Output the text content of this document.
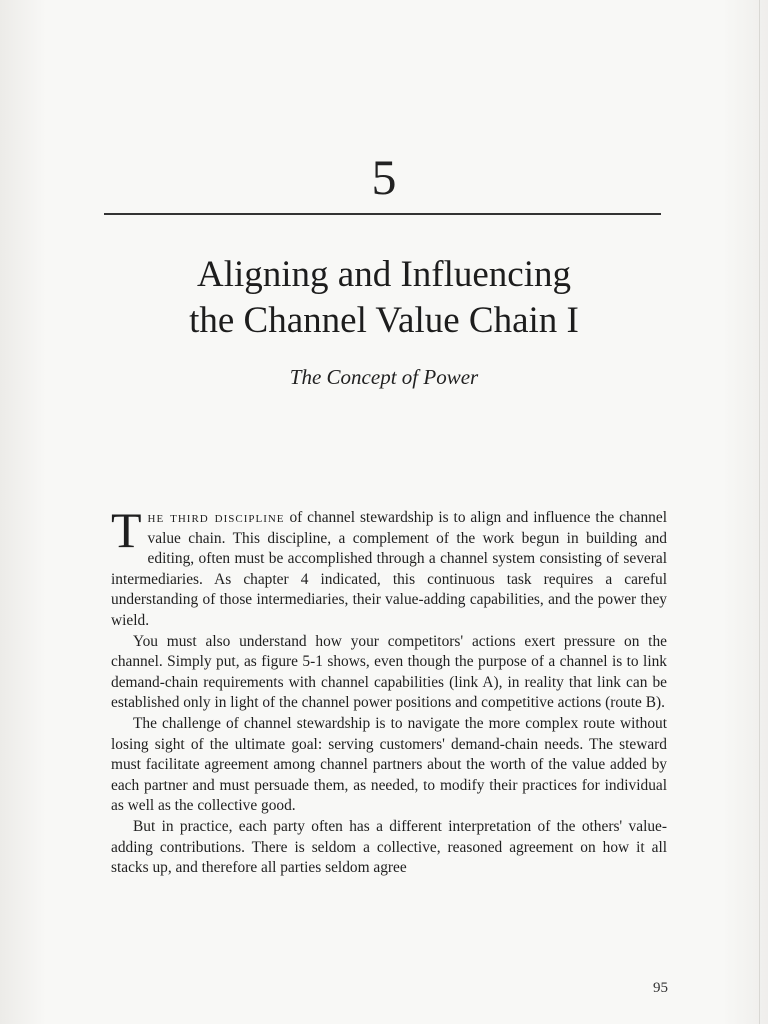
5
Aligning and Influencing
the Channel Value Chain I
The Concept of Power

The third discipline of channel stewardship is to align and influence the channel value chain. This discipline, a complement of the work begun in building and editing, often must be accomplished through a channel system consisting of several intermediaries. As chapter 4 indicated, this continuous task requires a careful understanding of those intermediaries, their value-adding capabilities, and the power they wield.

You must also understand how your competitors' actions exert pressure on the channel. Simply put, as figure 5-1 shows, even though the purpose of a channel is to link demand-chain requirements with channel capabilities (link A), in reality that link can be established only in light of the channel power positions and competitive actions (route B).

The challenge of channel stewardship is to navigate the more complex route without losing sight of the ultimate goal: serving customers' demand-chain needs. The steward must facilitate agreement among channel partners about the worth of the value added by each partner and must persuade them, as needed, to modify their practices for individual as well as the collective good.

But in practice, each party often has a different interpretation of the others' value-adding contributions. There is seldom a collective, reasoned agreement on how it all stacks up, and therefore all parties seldom agree

95
